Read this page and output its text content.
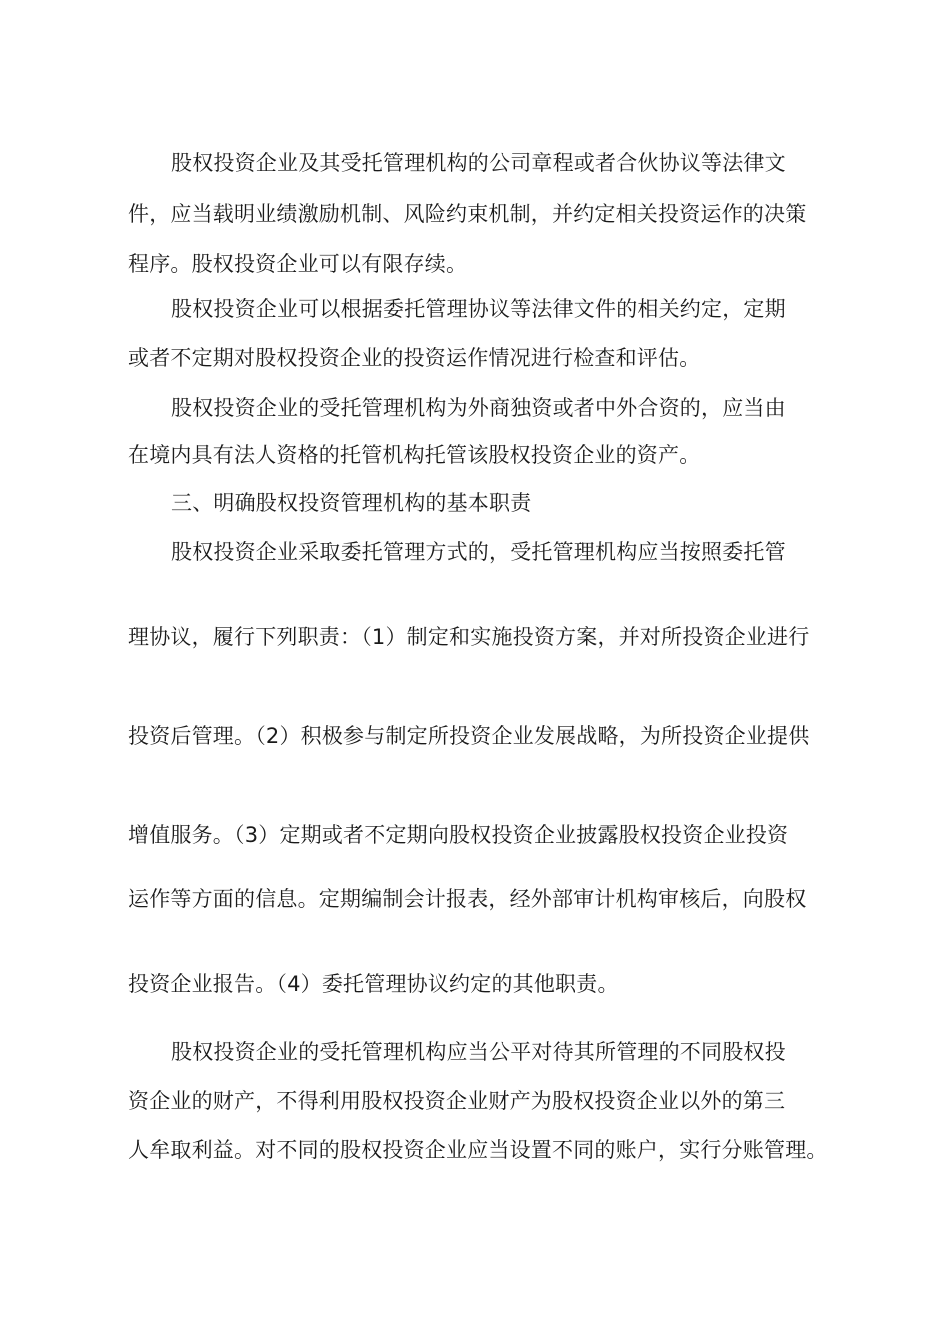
股权投资企业及其受托管理机构的公司章程或者合伙协议等法律文
件，应当载明业绩激励机制、风险约束机制，并约定相关投资运作的决策
程序。股权投资企业可以有限存续。
股权投资企业可以根据委托管理协议等法律文件的相关约定，定期
或者不定期对股权投资企业的投资运作情况进行检查和评估。
股权投资企业的受托管理机构为外商独资或者中外合资的，应当由
在境内具有法人资格的托管机构托管该股权投资企业的资产。
三、明确股权投资管理机构的基本职责
股权投资企业采取委托管理方式的，受托管理机构应当按照委托管
理协议，履行下列职责：（1）制定和实施投资方案，并对所投资企业进行
投资后管理。（2）积极参与制定所投资企业发展战略，为所投资企业提供
增值服务。（3）定期或者不定期向股权投资企业披露股权投资企业投资
运作等方面的信息。定期编制会计报表，经外部审计机构审核后，向股权
投资企业报告。（4）委托管理协议约定的其他职责。
股权投资企业的受托管理机构应当公平对待其所管理的不同股权投
资企业的财产，不得利用股权投资企业财产为股权投资企业以外的第三
人牟取利益。对不同的股权投资企业应当设置不同的账户，实行分账管理。
